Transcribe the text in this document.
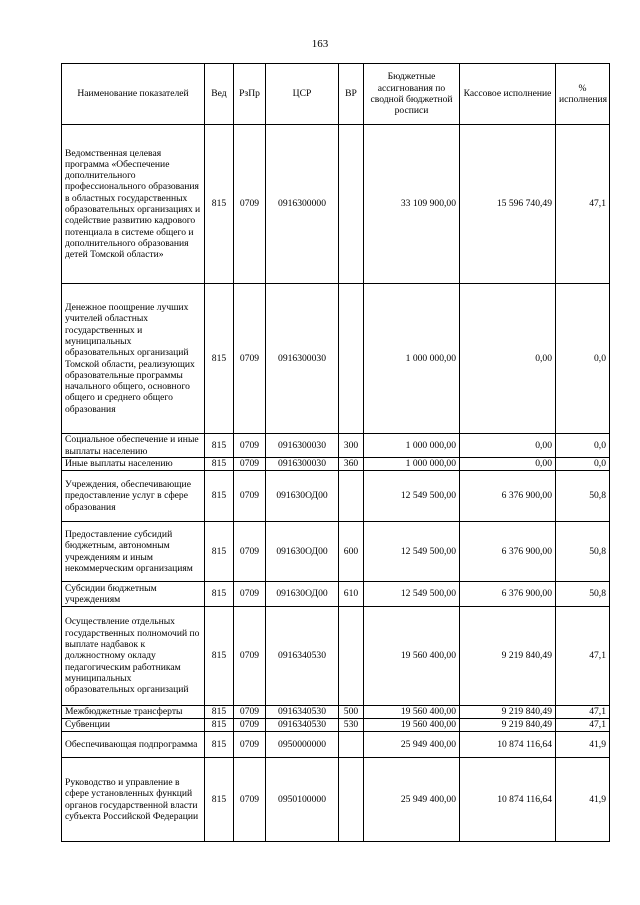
163
Наименование показателей	Вед	РзПр	ЦСР	ВР	Бюджетные ассигнования по сводной бюджетной росписи	Кассовое исполнение	% исполнения
Ведомственная целевая программа «Обеспечение дополнительного профессионального образования в областных государственных образовательных организациях и содействие развитию кадрового потенциала в системе общего и дополнительного образования детей Томской области»	815	0709	0916300000		33 109 900,00	15 596 740,49	47,1
Денежное поощрение лучших учителей областных государственных и муниципальных образовательных организаций Томской области, реализующих образовательные программы начального общего, основного общего и среднего общего образования	815	0709	0916300030		1 000 000,00	0,00	0,0
Социальное обеспечение и иные выплаты населению	815	0709	0916300030	300	1 000 000,00	0,00	0,0
Иные выплаты населению	815	0709	0916300030	360	1 000 000,00	0,00	0,0
Учреждения, обеспечивающие предоставление услуг в сфере образования	815	0709	091630ОД00		12 549 500,00	6 376 900,00	50,8
Предоставление субсидий бюджетным, автономным учреждениям и иным некоммерческим организациям	815	0709	091630ОД00	600	12 549 500,00	6 376 900,00	50,8
Субсидии бюджетным учреждениям	815	0709	091630ОД00	610	12 549 500,00	6 376 900,00	50,8
Осуществление отдельных государственных полномочий по выплате надбавок к должностному окладу педагогическим работникам муниципальных образовательных организаций	815	0709	0916340530		19 560 400,00	9 219 840,49	47,1
Межбюджетные трансферты	815	0709	0916340530	500	19 560 400,00	9 219 840,49	47,1
Субвенции	815	0709	0916340530	530	19 560 400,00	9 219 840,49	47,1
Обеспечивающая подпрограмма	815	0709	0950000000		25 949 400,00	10 874 116,64	41,9
Руководство и управление в сфере установленных функций органов государственной власти субъекта Российской Федерации	815	0709	0950100000		25 949 400,00	10 874 116,64	41,9
